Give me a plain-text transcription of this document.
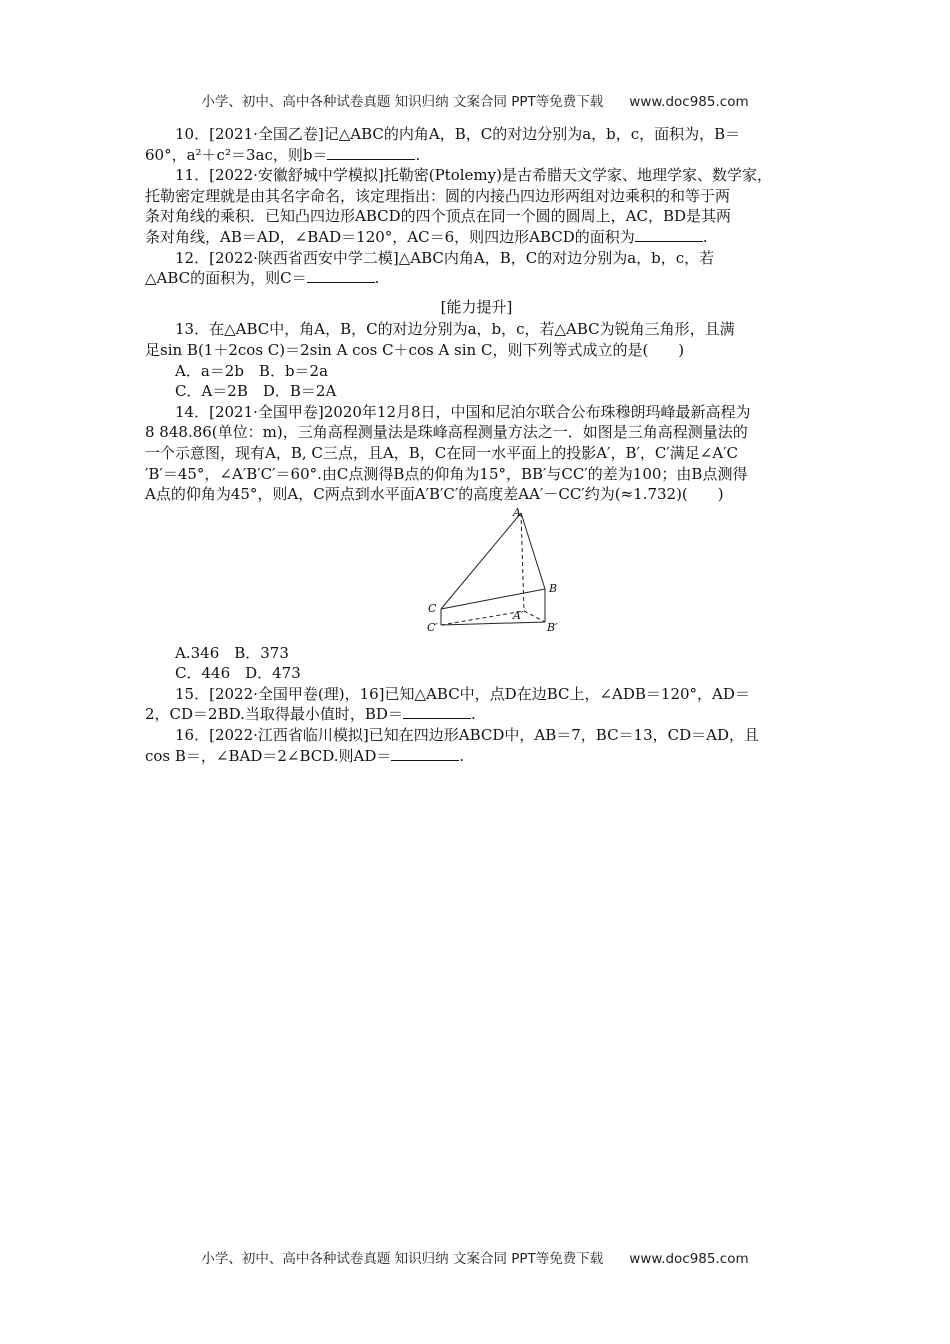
小学、初中、高中各种试卷真题 知识归纳 文案合同 PPT等免费下载 www.doc985.com

10．[2021·全国乙卷]记△ABC的内角A，B，C的对边分别为a，b，c，面积为，B＝

60°，a²＋c²＝3ac，则b＝	.

11．[2022·安徽舒城中学模拟]托勒密(Ptolemy)是古希腊天文学家、地理学家、数学家，

托勒密定理就是由其名字命名，该定理指出：圆的内接凸四边形两组对边乘积的和等于两

条对角线的乘积．已知凸四边形ABCD的四个顶点在同一个圆的圆周上，AC，BD是其两

条对角线，AB＝AD，∠BAD＝120°，AC＝6，则四边形ABCD的面积为	.

12．[2022·陕西省西安中学二模]△ABC内角A，B，C的对边分别为a，b，c，若

△ABC的面积为，则C＝	.

[能力提升]

13．在△ABC中，角A，B，C的对边分别为a，b，c，若△ABC为锐角三角形，且满

足sin B(1＋2cos C)＝2sin A cos C＋cos A sin C，则下列等式成立的是(　　)

A．a＝2b　B．b＝2a

C．A＝2B　D．B＝2A

14．[2021·全国甲卷]2020年12月8日，中国和尼泊尔联合公布珠穆朗玛峰最新高程为

8 848.86(单位：m)，三角高程测量法是珠峰高程测量方法之一．如图是三角高程测量法的

一个示意图，现有A，B, C三点，且A，B，C在同一水平面上的投影A′，B′，C′满足∠A′C

′B′＝45°，∠A′B′C′＝60°.由C点测得B点的仰角为15°，BB′与CC′的差为100；由B点测得

A点的仰角为45°，则A，C两点到水平面A′B′C′的高度差AA′－CC′约为(≈1.732)(　　)

A
B
C
A′
B′
C′

A.346　B．373

C．446　D．473

15．[2022·全国甲卷(理)，16]已知△ABC中，点D在边BC上，∠ADB＝120°，AD＝

2，CD＝2BD.当取得最小值时，BD＝	.

16．[2022·江西省临川模拟]已知在四边形ABCD中，AB＝7，BC＝13，CD＝AD，且

cos B＝，∠BAD＝2∠BCD.则AD＝	.

小学、初中、高中各种试卷真题 知识归纳 文案合同 PPT等免费下载 www.doc985.com
